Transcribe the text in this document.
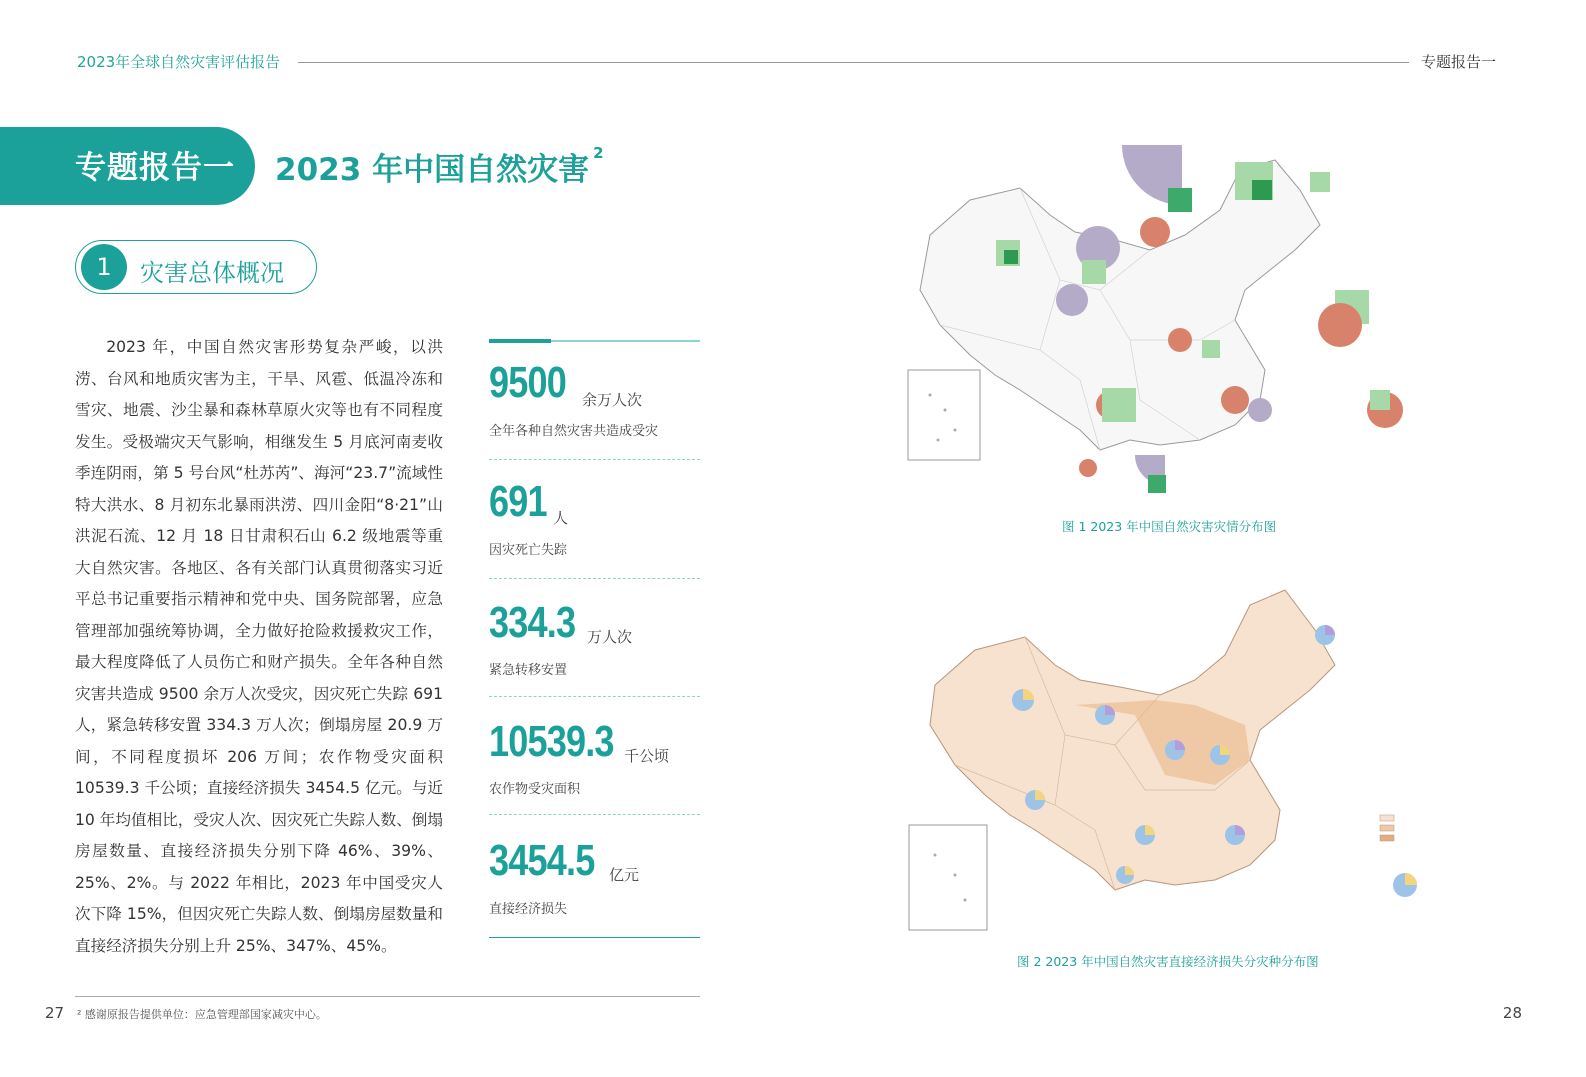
2023年全球自然灾害评估报告	专题报告一
专题报告一 2023 年中国自然灾害 $^2$
1	灾害总体概况
2023 年，中国自然灾害形势复杂严峻，以洪涝、台风和地质灾害为主，干旱、风雹、低温冷冻和雪灾、地震、沙尘暴和森林草原火灾等也有不同程度发生。受极端灾天气影响，相继发生 5 月底河南麦收季连阴雨，第 5 号台风“杜苏芮”、海河“23.7”流域性特大洪水、8 月初东北暴雨洪涝、四川金阳“8·21”山洪泥石流、12 月 18 日甘肃积石山 6.2 级地震等重大自然灾害。各地区、各有关部门认真贯彻落实习近平总书记重要指示精神和党中央、国务院部署，应急管理部加强统筹协调，全力做好抢险救援救灾工作，最大程度降低了人员伤亡和财产损失。全年各种自然灾害共造成 9500 余万人次受灾，因灾死亡失踪 691 人，紧急转移安置 334.3 万人次；倒塌房屋 20.9 万间，不同程度损坏 206 万间；农作物受灾面积 10539.3 千公顷；直接经济损失 3454.5 亿元。与近 10 年均值相比，受灾人次、因灾死亡失踪人数、倒塌房屋数量、直接经济损失分别下降 46%、39%、25%、2%。与 2022 年相比，2023 年中国受灾人次下降 15%，但因灾死亡失踪人数、倒塌房屋数量和直接经济损失分别上升 25%、347%、45%。
9500 余万人次
全年各种自然灾害共造成受灾
691 人
因灾死亡失踪
334.3 万人次
紧急转移安置
10539.3 千公顷
农作物受灾面积
3454.5 亿元
直接经济损失
图 1 2023 年中国自然灾害灾情分布图
图 2 2023 年中国自然灾害直接经济损失分灾种分布图
² 感谢原报告提供单位：应急管理部国家减灾中心。
27	28
